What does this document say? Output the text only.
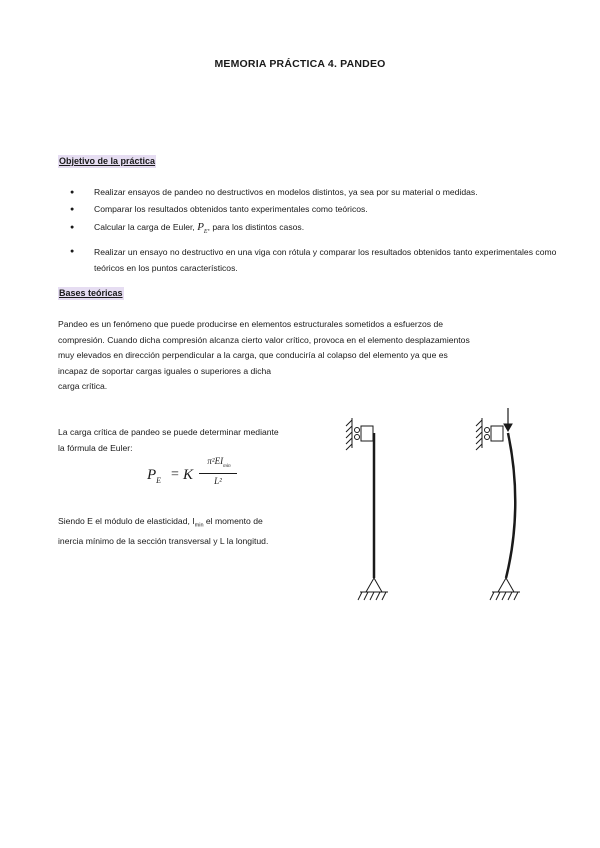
MEMORIA PRÁCTICA 4. PANDEO
Objetivo de la práctica
● Realizar ensayos de pandeo no destructivos en modelos distintos, ya sea por su material o medidas.
● Comparar los resultados obtenidos tanto experimentales como teóricos.
● Calcular la carga de Euler, $P_E$, para los distintos casos.
● Realizar un ensayo no destructivo en una viga con rótula y comparar los resultados obtenidos tanto experimentales como teóricos en los puntos característicos.
Bases teóricas
Pandeo es un fenómeno que puede producirse en elementos estructurales sometidos a esfuerzos de
compresión. Cuando dicha compresión alcanza cierto valor crítico, provoca en el elemento desplazamientos
muy elevados en dirección perpendicular a la carga, que conduciría al colapso del elemento ya que es
incapaz de soportar cargas iguales o superiores a dicha
carga crítica.
La carga crítica de pandeo se puede determinar mediante
la fórmula de Euler:
$P_E = K$
$\pi^2EI_{min}$
L²
Siendo E el módulo de elasticidad, $I_{min}$ el momento de
inercia mínimo de la sección transversal y L la longitud.
